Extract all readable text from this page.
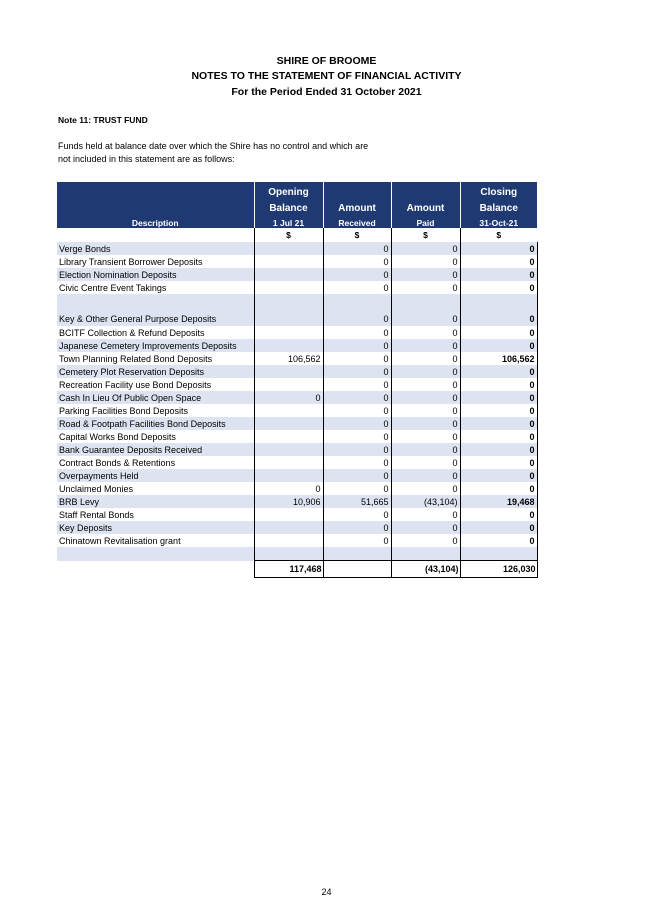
SHIRE OF BROOME
NOTES TO THE STATEMENT OF FINANCIAL ACTIVITY
For the Period Ended 31 October 2021
Note 11: TRUST FUND
Funds held at balance date over which the Shire has no control and which are
not included in this statement are as follows:
	Opening			Closing
	Balance	Amount	Amount	Balance
Description	1 Jul 21	Received	Paid	31-Oct-21
	$	$	$	$
Verge Bonds		0	0	0
Library Transient Borrower Deposits		0	0	0
Election Nomination Deposits		0	0	0
Civic Centre Event Takings		0	0	0
Key & Other General Purpose Deposits		0	0	0
BCITF Collection & Refund Deposits		0	0	0
Japanese Cemetery Improvements Deposits		0	0	0
Town Planning Related Bond Deposits	106,562	0	0	106,562
Cemetery Plot Reservation Deposits		0	0	0
Recreation Facility use Bond Deposits		0	0	0
Cash In Lieu Of Public Open Space	0	0	0	0
Parking Facilities Bond Deposits		0	0	0
Road & Footpath Facilities Bond Deposits		0	0	0
Capital Works Bond Deposits		0	0	0
Bank Guarantee Deposits Received		0	0	0
Contract Bonds & Retentions		0	0	0
Overpayments Held		0	0	0
Unclaimed Monies	0	0	0	0
BRB Levy	10,906	51,665	(43,104)	19,468
Staff Rental Bonds		0	0	0
Key Deposits		0	0	0
Chinatown Revitalisation grant		0	0	0

	117,468		(43,104)	126,030
24
